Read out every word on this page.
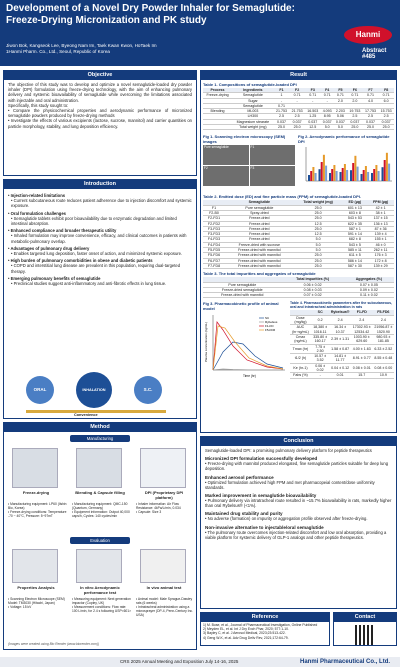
Development of a Novel Dry Powder Inhaler for Semaglutide: Freeze-Drying Micronization and PK study
Jiwon Bok, Kangseok Lee, Byeong Nam Im, Taek Kwan Kwon, HoTaek Im
1Hanmi Pharm. Co., Ltd., Seoul, Republic of Korea
Hanmi
Abstract #485
Objective

The objective of this study was to develop and optimize a novel semaglutide-loaded dry powder inhaler (DPI) formulation using freeze-drying technology, with the aim of enhancing pulmonary delivery and systemic bioavailability of semaglutide while overcoming the limitations associated with injectable and oral administration.

Specifically, this study sought to:

• Compare the physicochemical properties and aerodynamic performance of micronized semaglutide powders produced by freeze-drying methods

• Investigate the effects of various excipients (lactose, sucrose, mannitol) and carrier quantities on particle morphology, stability, and lung deposition efficiency.

Introduction

• Injection-related limitations

• Current subcutaneous route reduces patient adherence due to injection discomfort and systemic exposure.

• Oral formulation challenges

• Semaglutide tablets exhibit poor bioavailability due to enzymatic degradation and limited intestinal absorption.

• Enhanced compliance and broader therapeutic utility

• Inhaled formulation may improve convenience, efficacy, and clinical outcomes in patients with metabolic-pulmonary overlap.

• Advantages of pulmonary drug delivery

• Enables targeted lung deposition, faster onset of action, and minimized systemic exposure.

• High burden of pulmonary comorbidities in obese and diabetic patients

• COPD and interstitial lung disease are prevalent in this population, requiring dual-targeted therapy.

• Emerging pulmonary benefits of semaglutide

• Preclinical studies suggest anti-inflammatory and anti-fibrotic effects in lung tissue.

ORAL	INHALATION	S.C.
Convenience
Method
Manufacturing
Freeze-drying
• Manufacturing equipment: LP60 (Ilshin Bio, Korea)
• Freeze-drying conditions: Temperature -70 ~ 40°C, Pressure: 5~97mT
Blending & Capsule filling
• Manufacturing equipment: QMC-150 (Quantum, Germany)
• Equipment information: Output 40,000 caps/h, Cycles: 140 cycles/min
DPI (Proprietary DPI platform)
• Inhaler information: Air Flow Resistance: 4kPa/L/min, 0.034
• Capsule: Size 3
Evaluation
Properties Analysis
• Scanning Electron Microscope (SEM) Model: TM3030 (Hitachi, Japan)
• Voltage: 15 kV
In vitro Aerodynamic performance test
• Measuring equipment: Next generation impactor (Copley, UK)
• Measurement conditions: Flow rate: 100 L/min, for 2.4 s following USP<601>
In vivo animal test
• Animal model: Male Sprague-Dawley rats (6 weeks)
• Intratracheal administration using a microsprayer (DP-4, Penn-Century Inc. USA)
(Images were created using Bio Render (www.biorender.com))
Result
Table 1. Compositions of semaglutide-loaded DPI
Process	Ingredients	F1	F2	F3	F4	F5	F6	F7	F8
Freeze-drying	Semaglutide	1	0.71	0.71	0.71	0.71	0.71	0.71	0.71
	Sugar	-	-	-	-	2.0	2.0	4.0	6.0
	Semaglutide	0.71							
Blending	ML003	21.753	21.753	16.503	4.093	2.203	19.753	17.753	15.753
	LH300	2.5	2.5	1.25	8.95	5.06	2.5	2.5	2.5
	Magnesium stearate	0.037	0.037	0.037	0.037	0.037	0.037	0.037	0.037
	Total weight (mg)	25.0	25.0	12.5	5.0	5.0	25.0	25.0	25.0
Fig 1. Scanning electron microscopy (SEM) images
Pure semaglutide	F1
F2	F3
Fig 2. Aerodynamic performance of semaglutide DPI
Table 2. Emitted dose (ED) and fine particle mass (FPM) of semaglutide-loaded DPI.
	Semaglutide	Total weight (mg)	ED (µg)	FPM (µg)
F1	Pure semaglutide	25.0	601 ± 13	42 ± 1
F2-B0	Spray-dried	25.0	603 ± 8	38 ± 1
F2-FD1	Freeze-dried	25.0	543 ± 53	137 ± 15
F2-FD2	Freeze-dried	12.5	622 ± 35	136 ± 13
F3-FD3	Freeze-dried	25.0	587 ± 1	87 ± 36
F3-FD3	Freeze-dried	12.5	591 ± 14	139 ± 4
F4-FD3	Freeze-dried	5.0	682 ± 8	155 ± 1
F4-FD4	Freeze-dried with sucrose	5.0	543 ± 5	46 ± 0
F5-FD5	Freeze-dried with mannitol	5.0	585 ± 11	262 ± 11
F5-FD6	Freeze-dried with mannitol	25.0	611 ± 5	176 ± 3
F6-FD7	Freeze-dried with mannitol	25.0	586 ± 14	172 ± 8
F7-FD8	Freeze-dried with mannitol	25.0	587 ± 30	139 ± 29
Table 3. The total impurities and aggregates of semaglutide
	Total impurities (%)	Aggregates (%)
Pure semaglutide	0.06 ± 0.02	0.07 ± 0.05
Freeze-dried semaglutide	0.08 ± 0.03	0.09 ± 0.02
Freeze-dried with mannitol	0.07 ± 0.02	0.11 ± 0.02
Fig 3. Pharmacokinetic profile of animal model
Time (hr)
Plasma concentration (ng/mL)
SC
Rybelsus
F1-FD
F5-FD6
Table 4. Pharmacokinetic parameters after the subcutaneous, oral and intratracheal administration in rats
	SC	Rybelsus®	F1-FD	F5-FD6
Dose (mg/kg)	0.2	2.4	2.4	2.4
AUC (hr·ng/mL)	18,380 ± 1016.11	16.34 ± 10.37	17302.93 ± 12534.42	21956.87 ± 1520.90
Cmax (ng/mL)	335.80 ± 160.17	2.39 ± 1.31	1003.90 ± 629.60	980.93 ± 181.85
Tmax (hr)	7.75 ± 2.50	1.58 ± 0.87	4.00 ± 1.63	6.33 ± 2.52
t1/2 (h)	10.57 ± 3.52	14.81 ± 11.77	8.91 ± 0.77	8.55 ± 0.48
Ke (hr-1)	0.06 ± 0.02	0.04 ± 0.12	0.08 ± 0.01	0.08 ± 0.00
Fabs (%)	-	0.01	15.7	10.9
Conclusion

Semaglutide-loaded DPI: a promising pulmonary delivery platform for peptide therapeutics

Micronized DPI formulation successfully developed

• Freeze-drying with mannitol produced elongated, fine semaglutide particles suitable for deep lung deposition.

Enhanced aerosol performance

• Optimized formulation achieved high FPM and met pharmacopeial content/dose uniformity standards.

Marked improvement in semaglutide bioavailability

• Pulmonary delivery via intratracheal route resulted in ~15.7% bioavailability in rats, markedly higher than oral Rybelsus® (<1%).

Maintained drug stability and purity

• No adverse (formation) on impurity or aggregation profile observed after freeze-drying.

Non-invasive alternative to injectable/oral semaglutide

• The pulmonary route overcomes injection-related discomfort and low oral absorption, providing a viable platform for systemic delivery of GLP-1 analogs and other peptide therapeutics.

Reference
1) M. Buse, et al., Journal of Pharmaceutical Investigation, Online Published
2) Meyden EL, et al. Int J Dry Exch Phar, 2020; 577:1-10.
3) Bayley C, et al. J Aerosol Medical, 2023;23:513-422.
4) Geng W-K, et al. Adv Drug Deliv Rev, 2021;172:64-79.
Contact
CRS 2025 Annual Meeting and Exposition July 14-16, 2025	Hanmi Pharmaceutical Co., Ltd.
